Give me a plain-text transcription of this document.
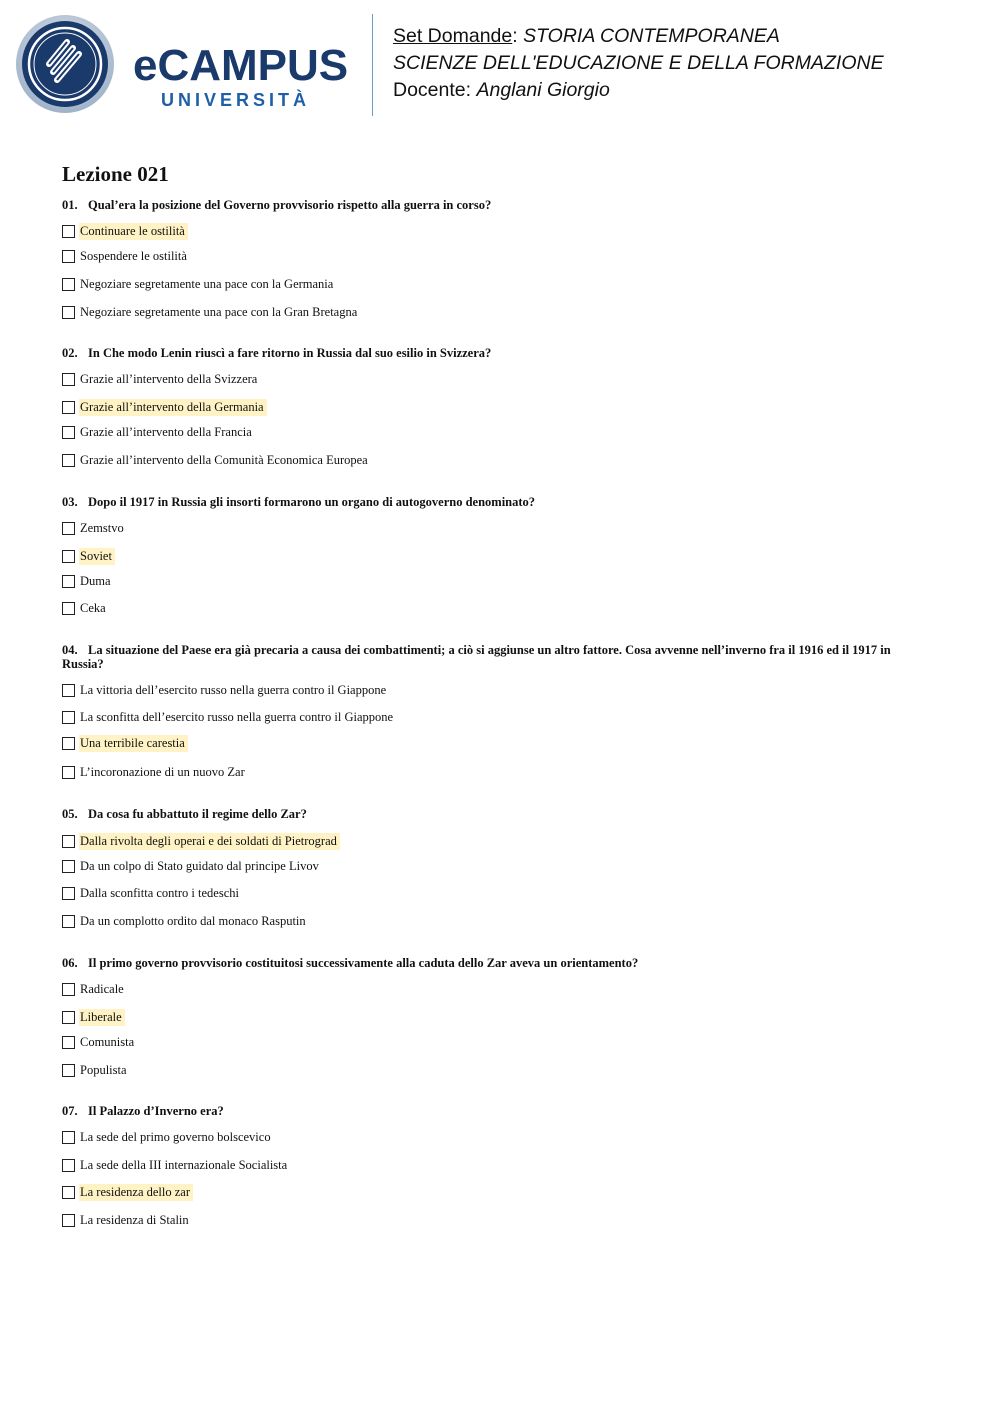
eCAMPUS
UNIVERSITÀ
Set Domande: STORIA CONTEMPORANEA
SCIENZE DELL'EDUCAZIONE E DELLA FORMAZIONE
Docente: Anglani Giorgio
Lezione 021
01. Qual’era la posizione del Governo provvisorio rispetto alla guerra in corso?
Continuare le ostilità
Sospendere le ostilità
Negoziare segretamente una pace con la Germania
Negoziare segretamente una pace con la Gran Bretagna
02. In Che modo Lenin riuscì a fare ritorno in Russia dal suo esilio in Svizzera?
Grazie all’intervento della Svizzera
Grazie all’intervento della Germania
Grazie all’intervento della Francia
Grazie all’intervento della Comunità Economica Europea
03. Dopo il 1917 in Russia gli insorti formarono un organo di autogoverno denominato?
Zemstvo
Soviet
Duma
Ceka
04. La situazione del Paese era già precaria a causa dei combattimenti; a ciò si aggiunse un altro fattore. Cosa avvenne nell’inverno fra il 1916 ed il 1917 in Russia?
La vittoria dell’esercito russo nella guerra contro il Giappone
La sconfitta dell’esercito russo nella guerra contro il Giappone
Una terribile carestia
L’incoronazione di un nuovo Zar
05. Da cosa fu abbattuto il regime dello Zar?
Dalla rivolta degli operai e dei soldati di Pietrograd
Da un colpo di Stato guidato dal principe Livov
Dalla sconfitta contro i tedeschi
Da un complotto ordito dal monaco Rasputin
06. Il primo governo provvisorio costituitosi successivamente alla caduta dello Zar aveva un orientamento?
Radicale
Liberale
Comunista
Populista
07. Il Palazzo d’Inverno era?
La sede del primo governo bolscevico
La sede della III internazionale Socialista
La residenza dello zar
La residenza di Stalin
